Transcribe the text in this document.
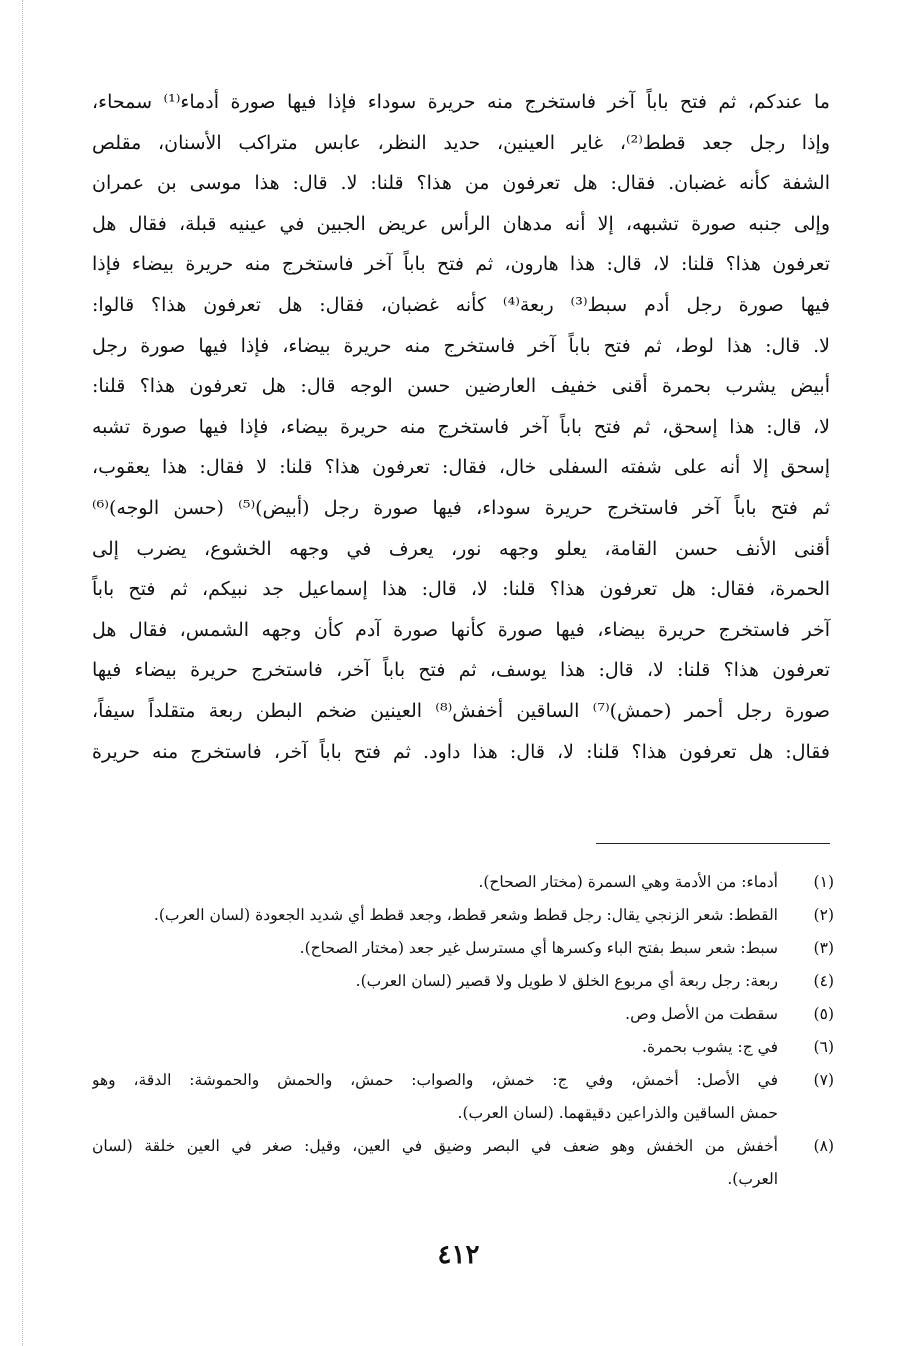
ما عندكم، ثم فتح باباً آخر فاستخرج منه حريرة سوداء فإذا فيها صورة أدماء⁽¹⁾ سمحاء،
وإذا رجل جعد قطط⁽²⁾، غاير العينين، حديد النظر، عابس متراكب الأسنان، مقلص
الشفة كأنه غضبان. فقال: هل تعرفون من هذا؟ قلنا: لا. قال: هذا موسى بن عمران
وإلى جنبه صورة تشبهه، إلا أنه مدهان الرأس عريض الجبين في عينيه قبلة، فقال هل
تعرفون هذا؟ قلنا: لا، قال: هذا هارون، ثم فتح باباً آخر فاستخرج منه حريرة بيضاء فإذا
فيها صورة رجل أدم سبط⁽³⁾ ربعة⁽⁴⁾ كأنه غضبان، فقال: هل تعرفون هذا؟ قالوا:
لا. قال: هذا لوط، ثم فتح باباً آخر فاستخرج منه حريرة بيضاء، فإذا فيها صورة رجل
أبيض يشرب بحمرة أقنى خفيف العارضين حسن الوجه قال: هل تعرفون هذا؟ قلنا:
لا، قال: هذا إسحق، ثم فتح باباً آخر فاستخرج منه حريرة بيضاء، فإذا فيها صورة تشبه
إسحق إلا أنه على شفته السفلى خال، فقال: تعرفون هذا؟ قلنا: لا فقال: هذا يعقوب،
ثم فتح باباً آخر فاستخرج حريرة سوداء، فيها صورة رجل (أبيض)⁽⁵⁾ (حسن الوجه)⁽⁶⁾
أقنى الأنف حسن القامة، يعلو وجهه نور، يعرف في وجهه الخشوع، يضرب إلى
الحمرة، فقال: هل تعرفون هذا؟ قلنا: لا، قال: هذا إسماعيل جد نبيكم، ثم فتح باباً
آخر فاستخرج حريرة بيضاء، فيها صورة كأنها صورة آدم كأن وجهه الشمس، فقال هل
تعرفون هذا؟ قلنا: لا، قال: هذا يوسف، ثم فتح باباً آخر، فاستخرج حريرة بيضاء فيها
صورة رجل أحمر (حمش)⁽⁷⁾ الساقين أخفش⁽⁸⁾ العينين ضخم البطن ربعة متقلداً سيفاً،
فقال: هل تعرفون هذا؟ قلنا: لا، قال: هذا داود. ثم فتح باباً آخر، فاستخرج منه حريرة
(١)
أدماء: من الأدمة وهي السمرة (مختار الصحاح).
(٢)
القطط: شعر الزنجي يقال: رجل قطط وشعر قطط، وجعد قطط أي شديد الجعودة (لسان العرب).
(٣)
سبط: شعر سبط بفتح الباء وكسرها أي مسترسل غير جعد (مختار الصحاح).
(٤)
ربعة: رجل ربعة أي مربوع الخلق لا طويل ولا قصير (لسان العرب).
(٥)
سقطت من الأصل وص.
(٦)
في ج: يشوب بحمرة.
(٧)
في الأصل: أخمش، وفي ج: خمش، والصواب: حمش، والحمش والحموشة: الدقة، وهو
حمش الساقين والذراعين دقيقهما. (لسان العرب).
(٨)
أخفش من الخفش وهو ضعف في البصر وضيق في العين، وقيل: صغر في العين خلقة (لسان
العرب).
٤١٢
